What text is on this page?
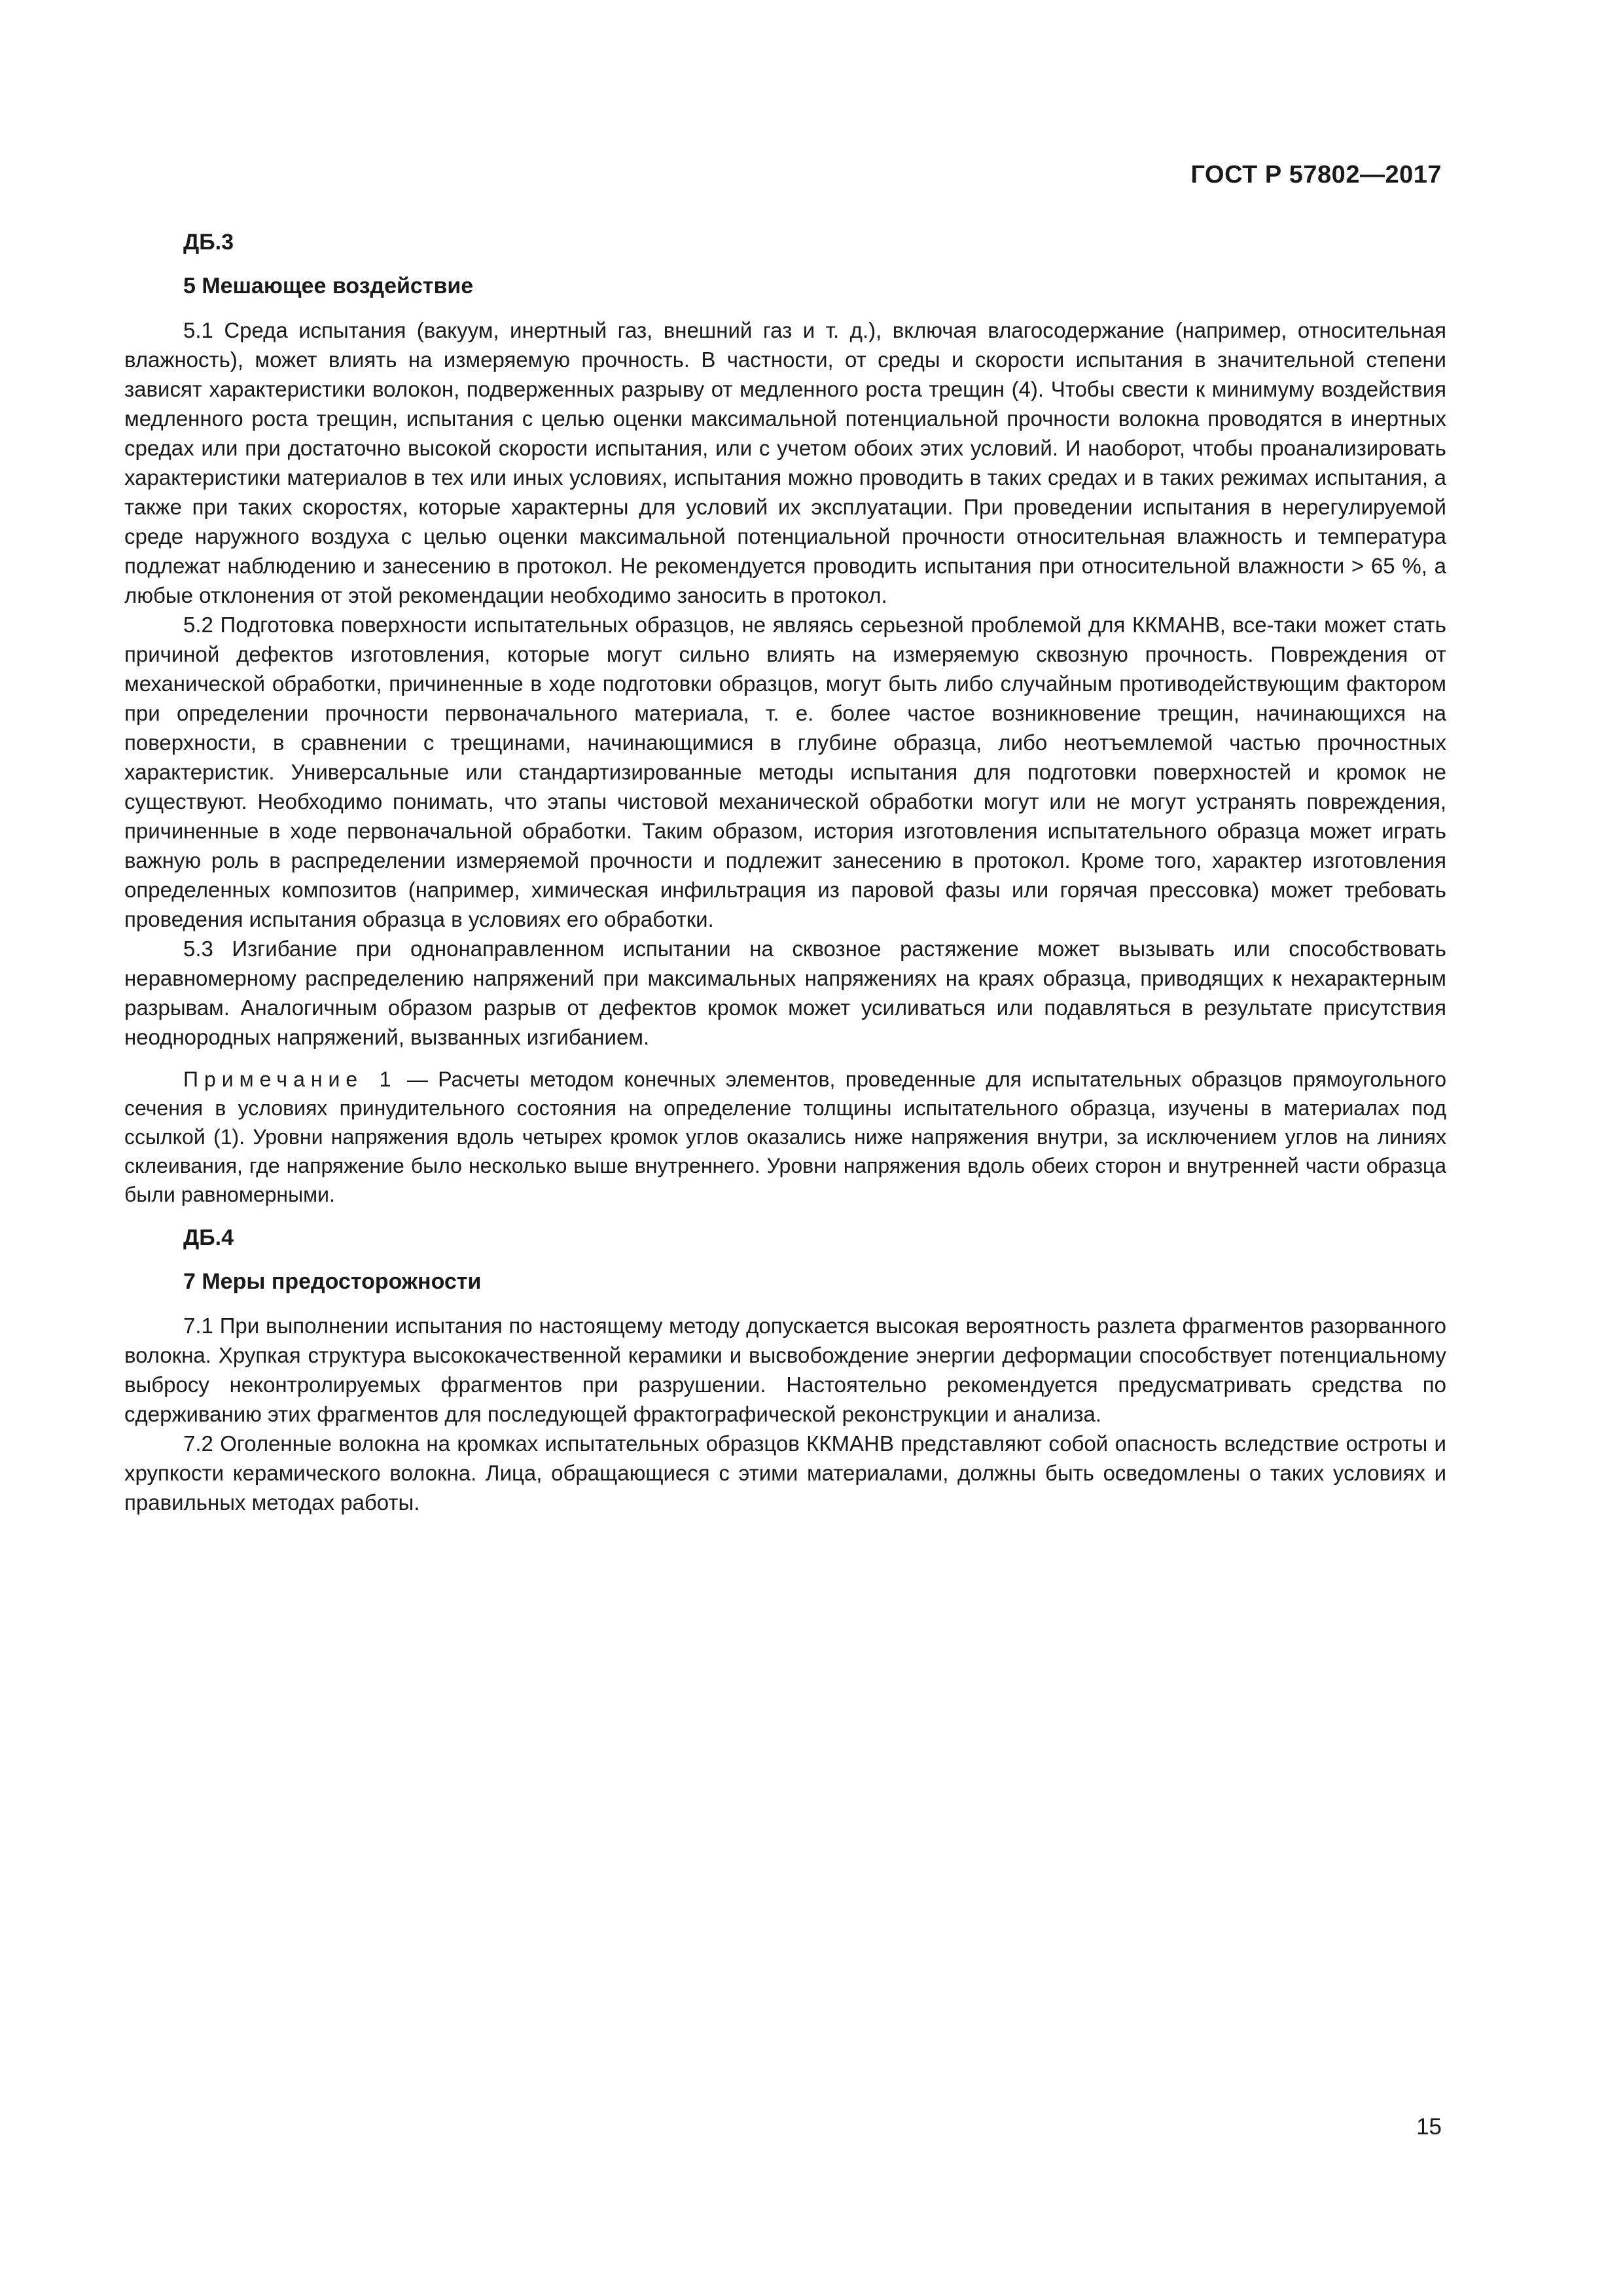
ГОСТ Р 57802—2017
ДБ.3
5 Мешающее воздействие

5.1 Среда испытания (вакуум, инертный газ, внешний газ и т. д.), включая влагосодержание (например, относительная влажность), может влиять на измеряемую прочность. В частности, от среды и скорости испытания в значительной степени зависят характеристики волокон, подверженных разрыву от медленного роста трещин (4). Чтобы свести к минимуму воздействия медленного роста трещин, испытания с целью оценки максимальной потенциальной прочности волокна проводятся в инертных средах или при достаточно высокой скорости испытания, или с учетом обоих этих условий. И наоборот, чтобы проанализировать характеристики материалов в тех или иных условиях, испытания можно проводить в таких средах и в таких режимах испытания, а также при таких скоростях, которые характерны для условий их эксплуатации. При проведении испытания в нерегулируемой среде наружного воздуха с целью оценки максимальной потенциальной прочности относительная влажность и температура подлежат наблюдению и занесению в протокол. Не рекомендуется проводить испытания при относительной влажности > 65 %, а любые отклонения от этой рекомендации необходимо заносить в протокол.

5.2 Подготовка поверхности испытательных образцов, не являясь серьезной проблемой для ККМАНВ, все-таки может стать причиной дефектов изготовления, которые могут сильно влиять на измеряемую сквозную прочность. Повреждения от механической обработки, причиненные в ходе подготовки образцов, могут быть либо случайным противодействующим фактором при определении прочности первоначального материала, т. е. более частое возникновение трещин, начинающихся на поверхности, в сравнении с трещинами, начинающимися в глубине образца, либо неотъемлемой частью прочностных характеристик. Универсальные или стандартизированные методы испытания для подготовки поверхностей и кромок не существуют. Необходимо понимать, что этапы чистовой механической обработки могут или не могут устранять повреждения, причиненные в ходе первоначальной обработки. Таким образом, история изготовления испытательного образца может играть важную роль в распределении измеряемой прочности и подлежит занесению в протокол. Кроме того, характер изготовления определенных композитов (например, химическая инфильтрация из паровой фазы или горячая прессовка) может требовать проведения испытания образца в условиях его обработки.

5.3 Изгибание при однонаправленном испытании на сквозное растяжение может вызывать или способствовать неравномерному распределению напряжений при максимальных напряжениях на краях образца, приводящих к нехарактерным разрывам. Аналогичным образом разрыв от дефектов кромок может усиливаться или подавляться в результате присутствия неоднородных напряжений, вызванных изгибанием.

Примечание 1 — Расчеты методом конечных элементов, проведенные для испытательных образцов прямоугольного сечения в условиях принудительного состояния на определение толщины испытательного образца, изучены в материалах под ссылкой (1). Уровни напряжения вдоль четырех кромок углов оказались ниже напряжения внутри, за исключением углов на линиях склеивания, где напряжение было несколько выше внутреннего. Уровни напряжения вдоль обеих сторон и внутренней части образца были равномерными.

ДБ.4
7 Меры предосторожности

7.1 При выполнении испытания по настоящему методу допускается высокая вероятность разлета фрагментов разорванного волокна. Хрупкая структура высококачественной керамики и высвобождение энергии деформации способствует потенциальному выбросу неконтролируемых фрагментов при разрушении. Настоятельно рекомендуется предусматривать средства по сдерживанию этих фрагментов для последующей фрактографической реконструкции и анализа.

7.2 Оголенные волокна на кромках испытательных образцов ККМАНВ представляют собой опасность вследствие остроты и хрупкости керамического волокна. Лица, обращающиеся с этими материалами, должны быть осведомлены о таких условиях и правильных методах работы.

15
